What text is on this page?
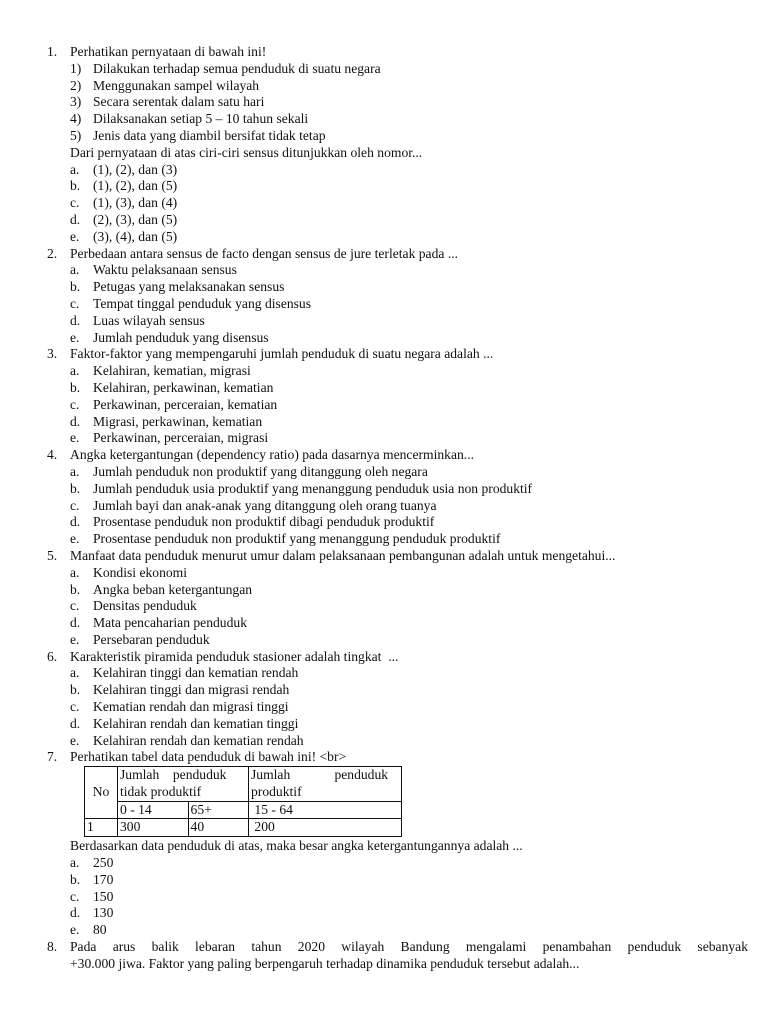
1. Perhatikan pernyataan di bawah ini!
1) Dilakukan terhadap semua penduduk di suatu negara
2) Menggunakan sampel wilayah
3) Secara serentak dalam satu hari
4) Dilaksanakan setiap 5 – 10 tahun sekali
5) Jenis data yang diambil bersifat tidak tetap
Dari pernyataan di atas ciri-ciri sensus ditunjukkan oleh nomor...
a. (1), (2), dan (3)
b. (1), (2), dan (5)
c. (1), (3), dan (4)
d. (2), (3), dan (5)
e. (3), (4), dan (5)
2. Perbedaan antara sensus de facto dengan sensus de jure terletak pada ...
a. Waktu pelaksanaan sensus
b. Petugas yang melaksanakan sensus
c. Tempat tinggal penduduk yang disensus
d. Luas wilayah sensus
e. Jumlah penduduk yang disensus
3. Faktor-faktor yang mempengaruhi jumlah penduduk di suatu negara adalah ...
a. Kelahiran, kematian, migrasi
b. Kelahiran, perkawinan, kematian
c. Perkawinan, perceraian, kematian
d. Migrasi, perkawinan, kematian
e. Perkawinan, perceraian, migrasi
4. Angka ketergantungan (dependency ratio) pada dasarnya mencerminkan...
a. Jumlah penduduk non produktif yang ditanggung oleh negara
b. Jumlah penduduk usia produktif yang menanggung penduduk usia non produktif
c. Jumlah bayi dan anak-anak yang ditanggung oleh orang tuanya
d. Prosentase penduduk non produktif dibagi penduduk produktif
e. Prosentase penduduk non produktif yang menanggung penduduk produktif
5. Manfaat data penduduk menurut umur dalam pelaksanaan pembangunan adalah untuk mengetahui...
a. Kondisi ekonomi
b. Angka beban ketergantungan
c. Densitas penduduk
d. Mata pencaharian penduduk
e. Persebaran penduduk
6. Karakteristik piramida penduduk stasioner adalah tingkat  ...
a. Kelahiran tinggi dan kematian rendah
b. Kelahiran tinggi dan migrasi rendah
c. Kematian rendah dan migrasi tinggi
d. Kelahiran rendah dan kematian tinggi
e. Kelahiran rendah dan kematian rendah
7. Perhatikan tabel data penduduk di bawah ini! <br>
Berdasarkan data penduduk di atas, maka besar angka ketergantungannya adalah ...
a. 250
b. 170
c. 150
d. 130
e. 80
8. Pada arus balik lebaran tahun 2020 wilayah Bandung mengalami penambahan penduduk sebanyak
+30.000 jiwa. Faktor yang paling berpengaruh terhadap dinamika penduduk tersebut adalah...
No	Jumlah    penduduk tidak produktif		Jumlah             penduduk produktif
	0 - 14	65+	15 - 64
1	300	40	200
